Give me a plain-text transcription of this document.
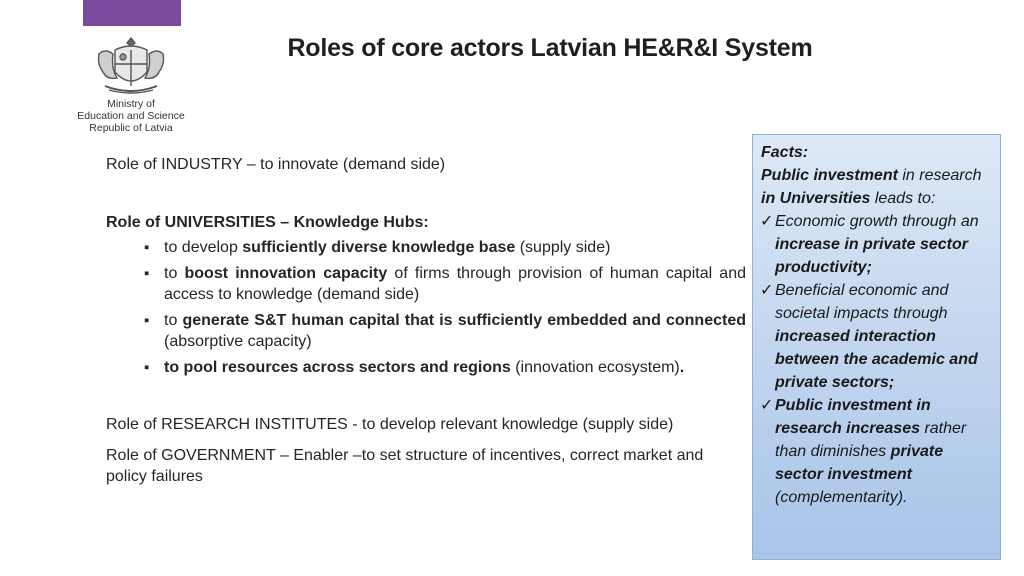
Ministry of
Education and Science
Republic of Latvia
Roles of core actors Latvian HE&R&I System

Role of INDUSTRY – to innovate (demand side)

Role of UNIVERSITIES – Knowledge Hubs:

▪ to develop sufficiently diverse knowledge base (supply side)
▪ to boost innovation capacity of firms through provision of human capital and access to knowledge (demand side)
▪ to generate S&T human capital that is sufficiently embedded and connected (absorptive capacity)
▪ to pool resources across sectors and regions (innovation ecosystem).

Role of RESEARCH INSTITUTES - to develop relevant knowledge (supply side)

Role of GOVERNMENT – Enabler –to set structure of incentives, correct market and policy failures

Facts:

Public investment in research in Universities leads to:

✓ Economic growth through an increase in private sector productivity;
✓ Beneficial economic and societal impacts through increased interaction between the academic and private sectors;
✓ Public investment in research increases rather than diminishes private sector investment (complementarity).
